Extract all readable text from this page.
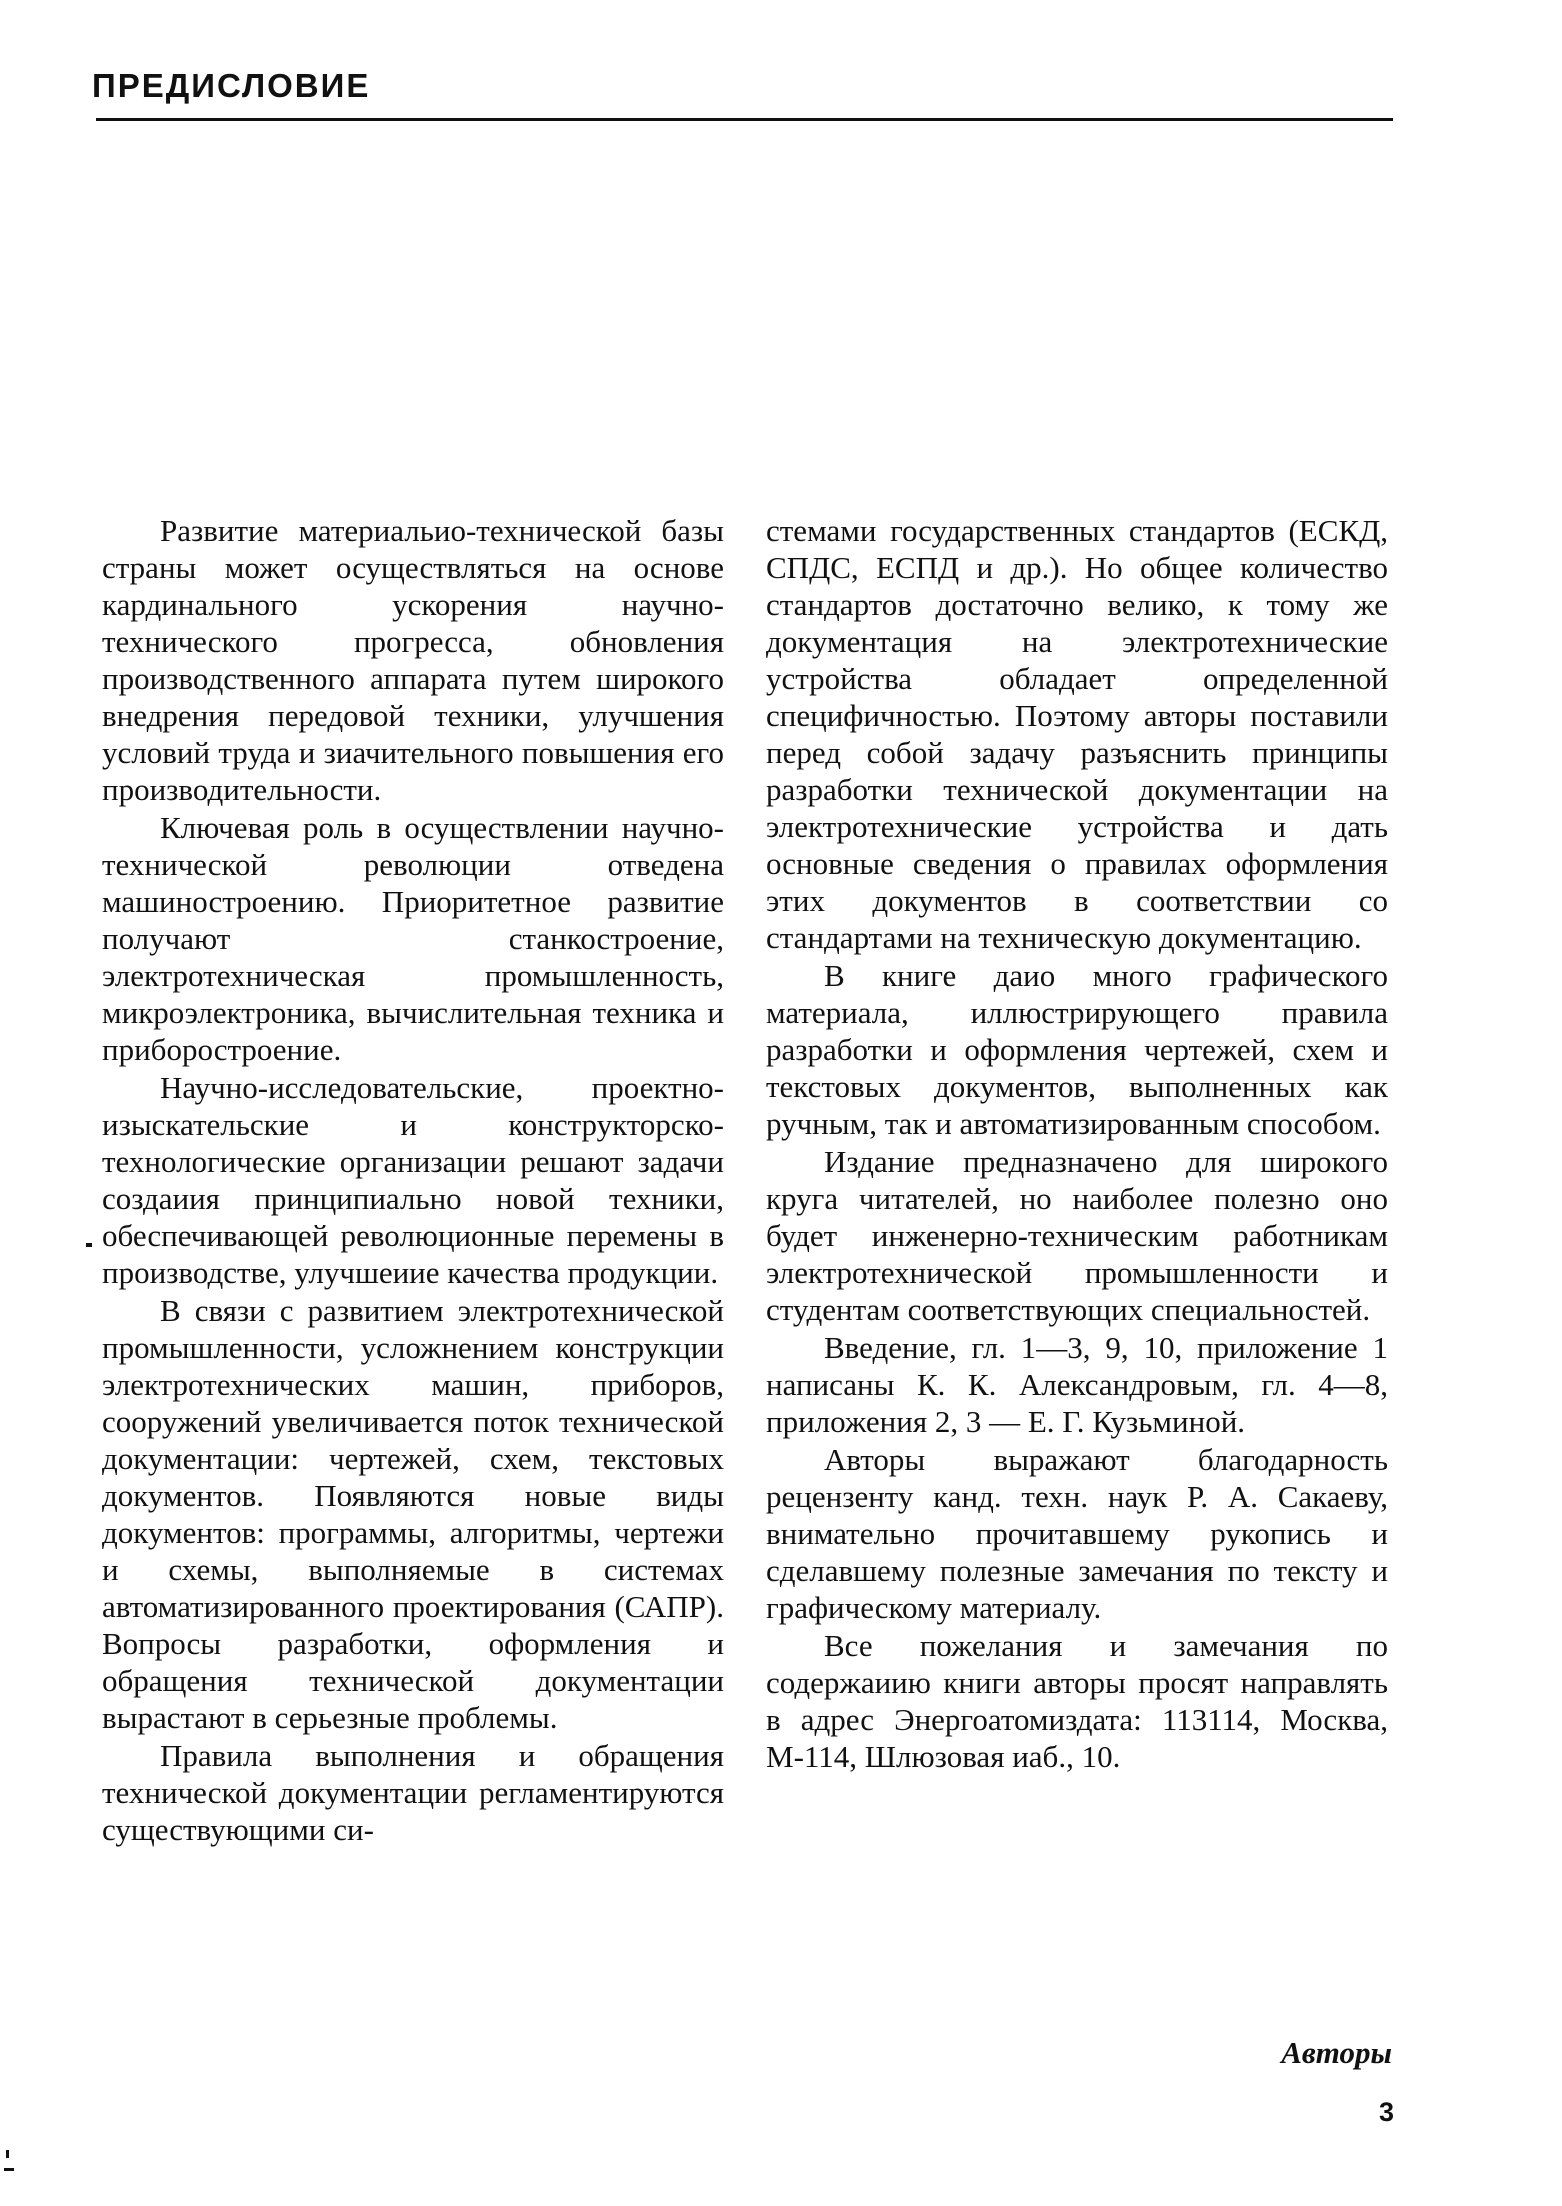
ПРЕДИСЛОВИЕ

Развитие материальио-технической базы страны может осуществляться на основе кардинального ускорения научно-технического прогресса, обновления производственного аппарата путем широкого внедрения передовой техники, улучшения условий труда и зиачительного повышения его производительности.

Ключевая роль в осуществлении научно-технической революции отведена машиностроению. Приоритетное развитие получают станкостроение, электротехническая промышленность, микроэлектроника, вычислительная техника и приборостроение.

Научно-исследовательские, проектно-изыскательские и конструкторско-технологические организации решают задачи создаиия принципиально новой техники, обеспечивающей революционные перемены в производстве, улучшеиие качества продукции.

В связи с развитием электротехнической промышленности, усложнением конструкции электротехнических машин, приборов, сооружений увеличивается поток технической документации: чертежей, схем, текстовых документов. Появляются новые виды документов: программы, алгоритмы, чертежи и схемы, выполняемые в системах автоматизированного проектирования (САПР). Вопросы разработки, оформления и обращения технической документации вырастают в серьезные проблемы.

Правила выполнения и обращения технической документации регламентируются существующими си-

стемами государственных стандартов (ЕСКД, СПДС, ЕСПД и др.). Но общее количество стандартов достаточно велико, к тому же документация на электротехнические устройства обладает определенной специфичностью. Поэтому авторы поставили перед собой задачу разъяснить принципы разработки технической документации на электротехнические устройства и дать основные сведения о правилах оформления этих документов в соответствии со стандартами на техническую документацию.

В книге даио много графического материала, иллюстрирующего правила разработки и оформления чертежей, схем и текстовых документов, выполненных как ручным, так и автоматизированным способом.

Издание предназначено для широкого круга читателей, но наиболее полезно оно будет инженерно-техническим работникам электротехнической промышленности и студентам соответствующих специальностей.

Введение, гл. 1—3, 9, 10, приложение 1 написаны К. К. Александровым, гл. 4—8, приложения 2, 3 — Е. Г. Кузьминой.

Авторы выражают благодарность рецензенту канд. техн. наук Р. А. Сакаеву, внимательно прочитавшему рукопись и сделавшему полезные замечания по тексту и графическому материалу.

Все пожелания и замечания по содержаиию книги авторы просят направлять в адрес Энергоатомиздата: 113114, Москва, М-114, Шлюзовая иаб., 10.

Авторы
3
